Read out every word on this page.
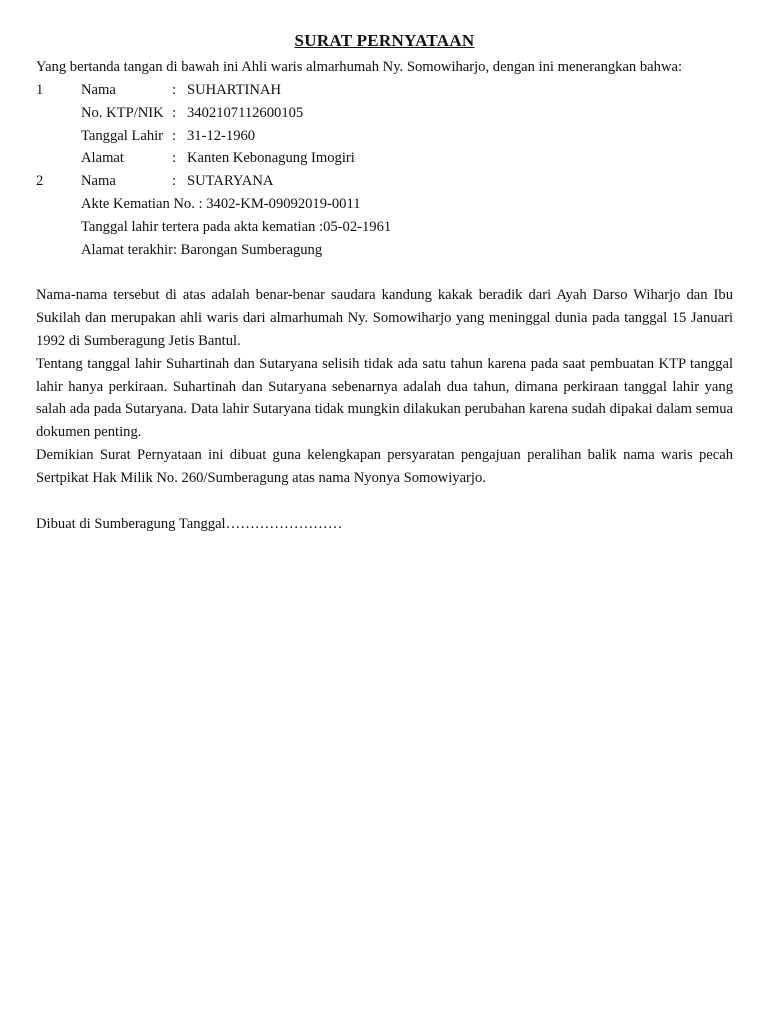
SURAT PERNYATAAN
Yang bertanda tangan di bawah ini Ahli waris almarhumah Ny. Somowiharjo, dengan ini menerangkan bahwa:
1	Nama	: SUHARTINAH
No. KTP/NIK : 3402107112600105
Tanggal Lahir : 31-12-1960
Alamat	: Kanten Kebonagung Imogiri
2	Nama	: SUTARYANA
Akte Kematian No. : 3402-KM-09092019-0011
Tanggal lahir tertera pada akta kematian :05-02-1961
Alamat terakhir: Barongan Sumberagung

Nama-nama tersebut di atas adalah benar-benar saudara kandung kakak beradik dari Ayah Darso Wiharjo dan Ibu Sukilah dan merupakan ahli waris dari almarhumah Ny. Somowiharjo yang meninggal dunia pada tanggal 15 Januari 1992 di Sumberagung Jetis Bantul.

Tentang tanggal lahir Suhartinah dan Sutaryana selisih tidak ada satu tahun karena pada saat pembuatan KTP tanggal lahir hanya perkiraan. Suhartinah dan Sutaryana sebenarnya adalah dua tahun, dimana perkiraan tanggal lahir yang salah ada pada Sutaryana. Data lahir Sutaryana tidak mungkin dilakukan perubahan karena sudah dipakai dalam semua dokumen penting.

Demikian Surat Pernyataan ini dibuat guna kelengkapan persyaratan pengajuan peralihan balik nama waris pecah Sertpikat Hak Milik No. 260/Sumberagung atas nama Nyonya Somowiyarjo.

Dibuat di Sumberagung Tanggal……………………
